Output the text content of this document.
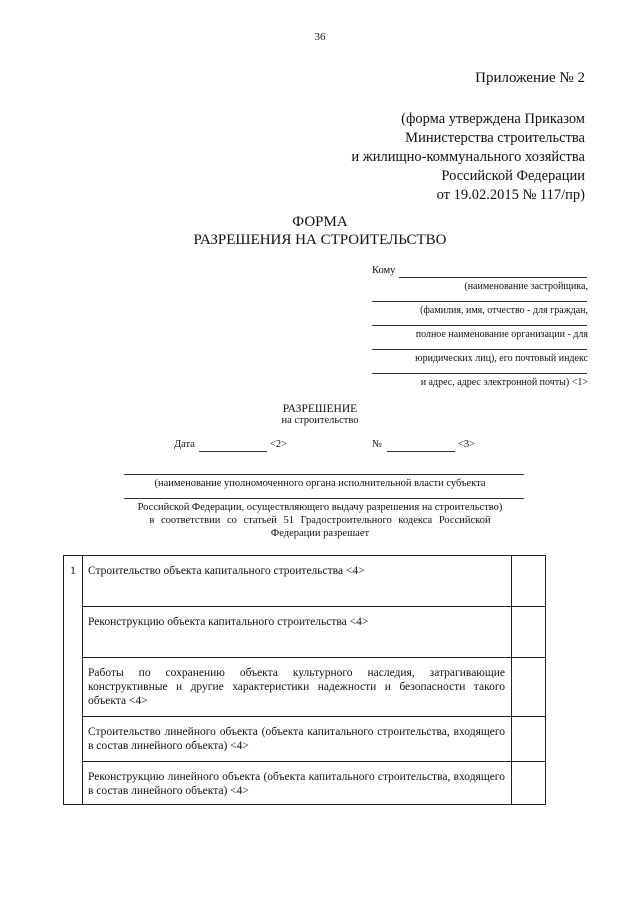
36
Приложение № 2
(форма утверждена Приказом
Министерства строительства
и жилищно-коммунального хозяйства
Российской Федерации
от 19.02.2015 № 117/пр)
ФОРМА
РАЗРЕШЕНИЯ НА СТРОИТЕЛЬСТВО
Кому
(наименование застройщика,
(фамилия, имя, отчество - для граждан,
полное наименование организации - для
юридических лиц), его почтовый индекс
и адрес, адрес электронной почты) <1>
РАЗРЕШЕНИЕ
на строительство
Дата	<2>	№	<3>
(наименование уполномоченного органа исполнительной власти субъекта
Российской Федерации, осуществляющего выдачу разрешения на строительство)
в соответствии со статьей 51 Градостроительного кодекса Российской
Федерации разрешает
1	Строительство объекта капитального строительства <4>	
	Реконструкцию объекта капитального строительства <4>	
	Работы по сохранению объекта культурного наследия, затрагивающие конструктивные и другие характеристики надежности и безопасности такого объекта <4>	
	Строительство линейного объекта (объекта капитального строительства, входящего в состав линейного объекта) <4>	
	Реконструкцию линейного объекта (объекта капитального строительства, входящего в состав линейного объекта) <4>	
